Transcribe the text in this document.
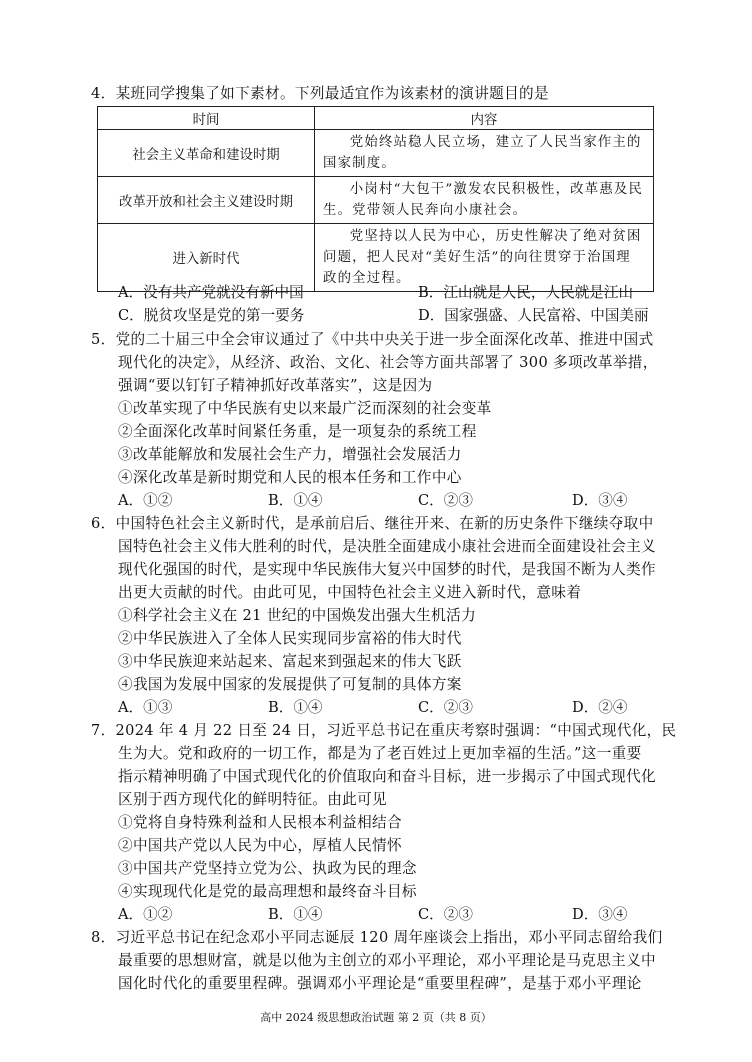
4．某班同学搜集了如下素材。下列最适宜作为该素材的演讲题目的是
时间	内容
社会主义革命和建设时期	党始终站稳人民立场，建立了人民当家作主的国家制度。
改革开放和社会主义建设时期	小岗村“大包干”激发农民积极性，改革惠及民生。党带领人民奔向小康社会。
进入新时代	党坚持以人民为中心，历史性解决了绝对贫困问题，把人民对“美好生活”的向往贯穿于治国理政的全过程。
A．没有共产党就没有新中国	B．江山就是人民，人民就是江山
C．脱贫攻坚是党的第一要务	D．国家强盛、人民富裕、中国美丽
5．党的二十届三中全会审议通过了《中共中央关于进一步全面深化改革、推进中国式
现代化的决定》，从经济、政治、文化、社会等方面共部署了 300 多项改革举措，
强调“要以钉钉子精神抓好改革落实”，这是因为
①改革实现了中华民族有史以来最广泛而深刻的社会变革
②全面深化改革时间紧任务重，是一项复杂的系统工程
③改革能解放和发展社会生产力，增强社会发展活力
④深化改革是新时期党和人民的根本任务和工作中心
A．①②	B．①④	C．②③	D．③④
6．中国特色社会主义新时代，是承前启后、继往开来、在新的历史条件下继续夺取中
国特色社会主义伟大胜利的时代，是决胜全面建成小康社会进而全面建设社会主义
现代化强国的时代，是实现中华民族伟大复兴中国梦的时代，是我国不断为人类作
出更大贡献的时代。由此可见，中国特色社会主义进入新时代，意味着
①科学社会主义在 21 世纪的中国焕发出强大生机活力
②中华民族进入了全体人民实现同步富裕的伟大时代
③中华民族迎来站起来、富起来到强起来的伟大飞跃
④我国为发展中国家的发展提供了可复制的具体方案
A．①③	B．①④	C．②③	D．②④
7．2024 年 4 月 22 日至 24 日，习近平总书记在重庆考察时强调：“中国式现代化，民
生为大。党和政府的一切工作，都是为了老百姓过上更加幸福的生活。”这一重要
指示精神明确了中国式现代化的价值取向和奋斗目标，进一步揭示了中国式现代化
区别于西方现代化的鲜明特征。由此可见
①党将自身特殊利益和人民根本利益相结合
②中国共产党以人民为中心，厚植人民情怀
③中国共产党坚持立党为公、执政为民的理念
④实现现代化是党的最高理想和最终奋斗目标
A．①②	B．①④	C．②③	D．③④
8．习近平总书记在纪念邓小平同志诞辰 120 周年座谈会上指出，邓小平同志留给我们
最重要的思想财富，就是以他为主创立的邓小平理论，邓小平理论是马克思主义中
国化时代化的重要里程碑。强调邓小平理论是“重要里程碑”，是基于邓小平理论
高中 2024 级思想政治试题 第 2 页（共 8 页）
